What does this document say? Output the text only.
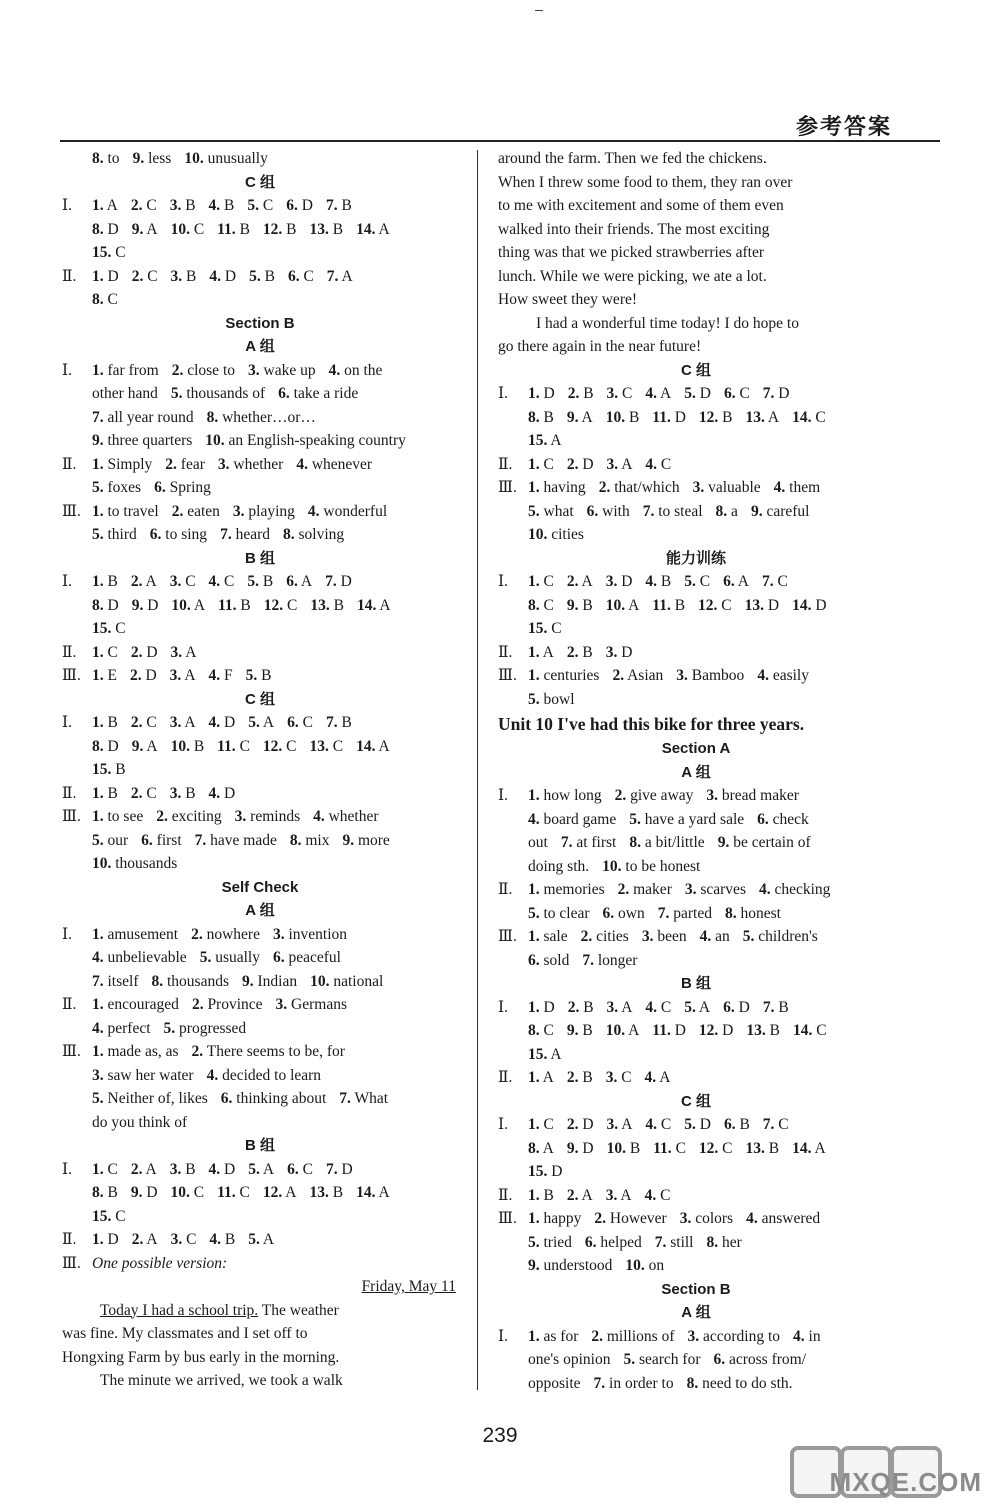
参考答案
8. to 9. less 10. unusually
C 组
Ⅰ.	1. A 2. C 3. B 4. B 5. C 6. D 7. B
8. D 9. A 10. C 11. B 12. B 13. B 14. A
15. C
Ⅱ.	1. D 2. C 3. B 4. D 5. B 6. C 7. A
8. C
Section B
A 组
Ⅰ.	1. far from 2. close to 3. wake up 4. on the
other hand 5. thousands of 6. take a ride
7. all year round 8. whether…or…
9. three quarters 10. an English-speaking country
Ⅱ.	1. Simply 2. fear 3. whether 4. whenever
5. foxes 6. Spring
Ⅲ. 1. to travel 2. eaten 3. playing 4. wonderful
5. third 6. to sing 7. heard 8. solving
B 组
Ⅰ.	1. B 2. A 3. C 4. C 5. B 6. A 7. D
8. D 9. D 10. A 11. B 12. C 13. B 14. A
15. C
Ⅱ.	1. C 2. D 3. A
Ⅲ. 1. E 2. D 3. A 4. F 5. B
C 组
Ⅰ.	1. B 2. C 3. A 4. D 5. A 6. C 7. B
8. D 9. A 10. B 11. C 12. C 13. C 14. A
15. B
Ⅱ.	1. B 2. C 3. B 4. D
Ⅲ. 1. to see 2. exciting 3. reminds 4. whether
5. our 6. first 7. have made 8. mix 9. more
10. thousands
Self Check
A 组
Ⅰ.	1. amusement 2. nowhere 3. invention
4. unbelievable 5. usually 6. peaceful
7. itself 8. thousands 9. Indian 10. national
Ⅱ.	1. encouraged 2. Province 3. Germans
4. perfect 5. progressed
Ⅲ. 1. made as, as 2. There seems to be, for
3. saw her water 4. decided to learn
5. Neither of, likes 6. thinking about 7. What
do you think of
B 组
Ⅰ.	1. C 2. A 3. B 4. D 5. A 6. C 7. D
8. B 9. D 10. C 11. C 12. A 13. B 14. A
15. C
Ⅱ.	1. D 2. A 3. C 4. B 5. A
Ⅲ. One possible version:
Friday, May 11
Today I had a school trip. The weather
was fine. My classmates and I set off to
Hongxing Farm by bus early in the morning.
The minute we arrived, we took a walk
around the farm. Then we fed the chickens.
When I threw some food to them, they ran over
to me with excitement and some of them even
walked into their friends. The most exciting
thing was that we picked strawberries after
lunch. While we were picking, we ate a lot.
How sweet they were!
I had a wonderful time today! I do hope to
go there again in the near future!
C 组
Ⅰ.	1. D 2. B 3. C 4. A 5. D 6. C 7. D
8. B 9. A 10. B 11. D 12. B 13. A 14. C
15. A
Ⅱ.	1. C 2. D 3. A 4. C
Ⅲ. 1. having 2. that/which 3. valuable 4. them
5. what 6. with 7. to steal 8. a 9. careful
10. cities
能力训练
Ⅰ.	1. C 2. A 3. D 4. B 5. C 6. A 7. C
8. C 9. B 10. A 11. B 12. C 13. D 14. D
15. C
Ⅱ.	1. A 2. B 3. D
Ⅲ. 1. centuries 2. Asian 3. Bamboo 4. easily
5. bowl
Unit 10 I've had this bike for three years.
Section A
A 组
Ⅰ.	1. how long 2. give away 3. bread maker
4. board game 5. have a yard sale 6. check
out 7. at first 8. a bit/little 9. be certain of
doing sth. 10. to be honest
Ⅱ.	1. memories 2. maker 3. scarves 4. checking
5. to clear 6. own 7. parted 8. honest
Ⅲ. 1. sale 2. cities 3. been 4. an 5. children's
6. sold 7. longer
B 组
Ⅰ.	1. D 2. B 3. A 4. C 5. A 6. D 7. B
8. C 9. B 10. A 11. D 12. D 13. B 14. C
15. A
Ⅱ.	1. A 2. B 3. C 4. A
C 组
Ⅰ.	1. C 2. D 3. A 4. C 5. D 6. B 7. C
8. A 9. D 10. B 11. C 12. C 13. B 14. A
15. D
Ⅱ.	1. B 2. A 3. A 4. C
Ⅲ. 1. happy 2. However 3. colors 4. answered
5. tried 6. helped 7. still 8. her
9. understood 10. on
Section B
A 组
Ⅰ.	1. as for 2. millions of 3. according to 4. in
one's opinion 5. search for 6. across from/
opposite 7. in order to 8. need to do sth.
239
MXQE.COM
